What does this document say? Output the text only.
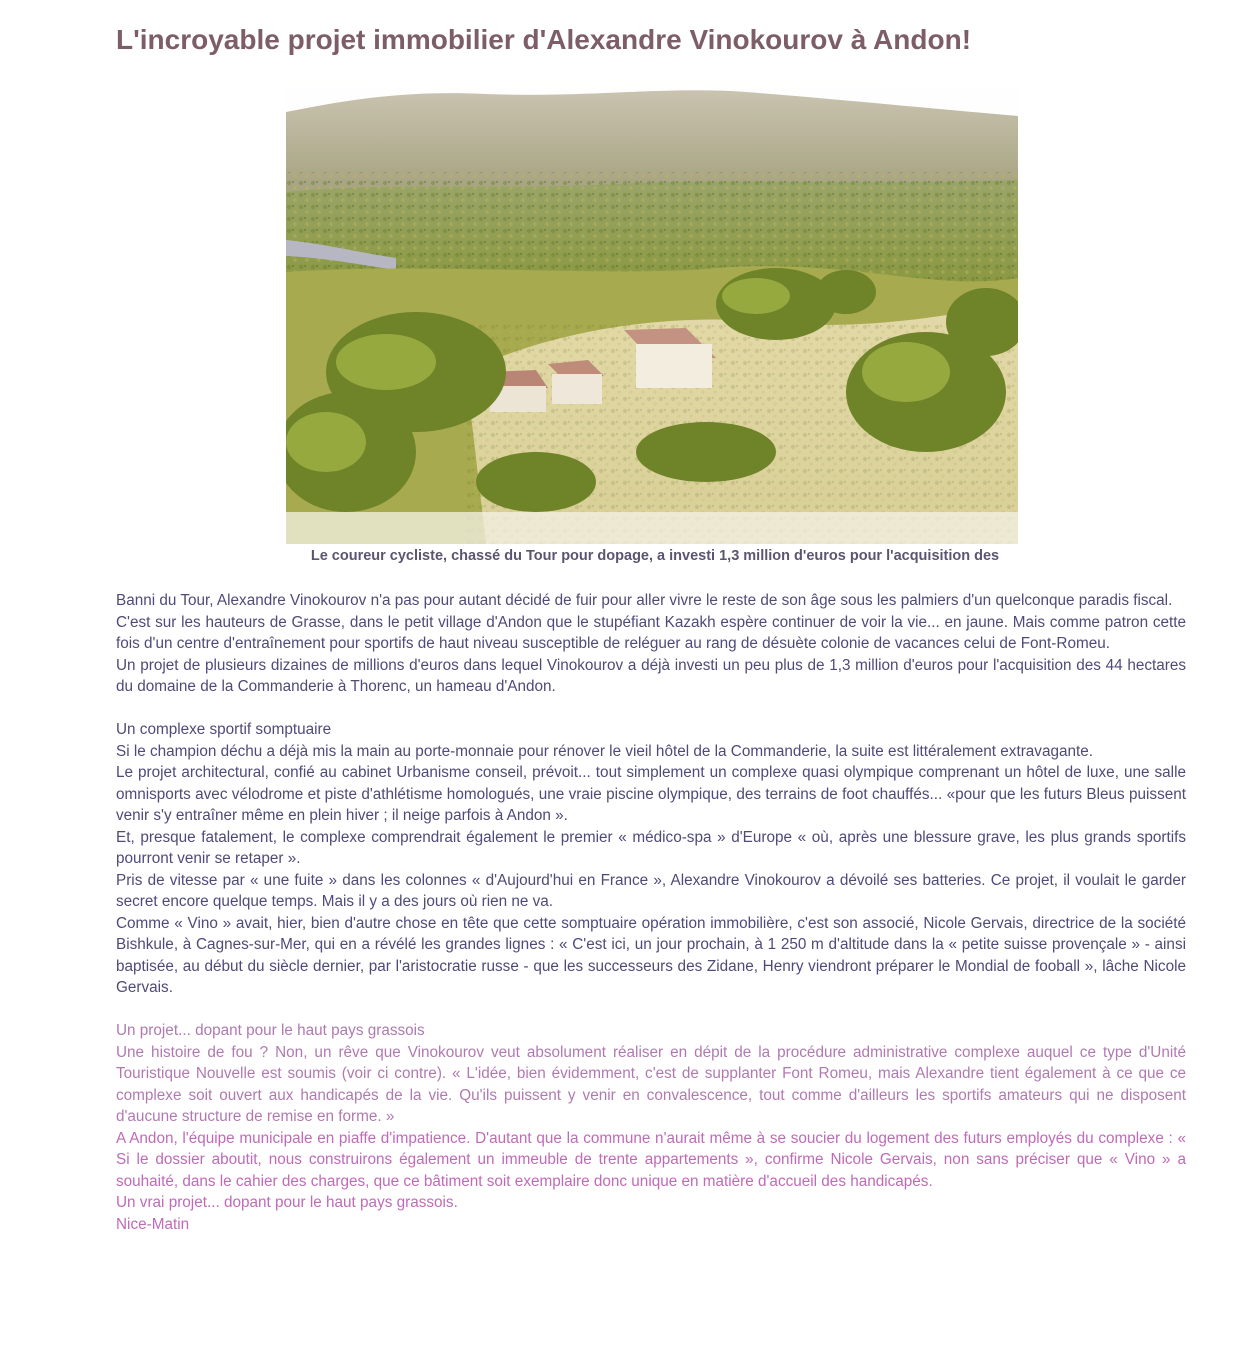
L'incroyable projet immobilier d'Alexandre Vinokourov à Andon!
Le coureur cycliste, chassé du Tour pour dopage, a investi 1,3 million d'euros pour l'acquisition des

Banni du Tour, Alexandre Vinokourov n'a pas pour autant décidé de fuir pour aller vivre le reste de son âge sous les palmiers d'un quelconque paradis fiscal.

C'est sur les hauteurs de Grasse, dans le petit village d'Andon que le stupéfiant Kazakh espère continuer de voir la vie... en jaune. Mais comme patron cette fois d'un centre d'entraînement pour sportifs de haut niveau susceptible de reléguer au rang de désuète colonie de vacances celui de Font-Romeu.

Un projet de plusieurs dizaines de millions d'euros dans lequel Vinokourov a déjà investi un peu plus de 1,3 million d'euros pour l'acquisition des 44 hectares du domaine de la Commanderie à Thorenc, un hameau d'Andon.

Un complexe sportif somptuaire

Si le champion déchu a déjà mis la main au porte-monnaie pour rénover le vieil hôtel de la Commanderie, la suite est littéralement extravagante.

Le projet architectural, confié au cabinet Urbanisme conseil, prévoit... tout simplement un complexe quasi olympique comprenant un hôtel de luxe, une salle omnisports avec vélodrome et piste d'athlétisme homologués, une vraie piscine olympique, des terrains de foot chauffés... «pour que les futurs Bleus puissent venir s'y entraîner même en plein hiver ; il neige parfois à Andon ».

Et, presque fatalement, le complexe comprendrait également le premier « médico-spa » d'Europe « où, après une blessure grave, les plus grands sportifs pourront venir se retaper ».

Pris de vitesse par « une fuite » dans les colonnes « d'Aujourd'hui en France », Alexandre Vinokourov a dévoilé ses batteries. Ce projet, il voulait le garder secret encore quelque temps. Mais il y a des jours où rien ne va.

Comme « Vino » avait, hier, bien d'autre chose en tête que cette somptuaire opération immobilière, c'est son associé, Nicole Gervais, directrice de la société Bishkule, à Cagnes-sur-Mer, qui en a révélé les grandes lignes : « C'est ici, un jour prochain, à 1 250 m d'altitude dans la « petite suisse provençale » - ainsi baptisée, au début du siècle dernier, par l'aristocratie russe - que les successeurs des Zidane, Henry viendront préparer le Mondial de fooball », lâche Nicole Gervais.

Un projet... dopant pour le haut pays grassois

Une histoire de fou ? Non, un rêve que Vinokourov veut absolument réaliser en dépit de la procédure administrative complexe auquel ce type d'Unité Touristique Nouvelle est soumis (voir ci contre). « L'idée, bien évidemment, c'est de supplanter Font Romeu, mais Alexandre tient également à ce que ce complexe soit ouvert aux handicapés de la vie. Qu'ils puissent y venir en convalescence, tout comme d'ailleurs les sportifs amateurs qui ne disposent d'aucune structure de remise en forme. »

A Andon, l'équipe municipale en piaffe d'impatience. D'autant que la commune n'aurait même à se soucier du logement des futurs employés du complexe : « Si le dossier aboutit, nous construirons également un immeuble de trente appartements », confirme Nicole Gervais, non sans préciser que « Vino » a souhaité, dans le cahier des charges, que ce bâtiment soit exemplaire donc unique en matière d'accueil des handicapés.

Un vrai projet... dopant pour le haut pays grassois.

Nice-Matin
